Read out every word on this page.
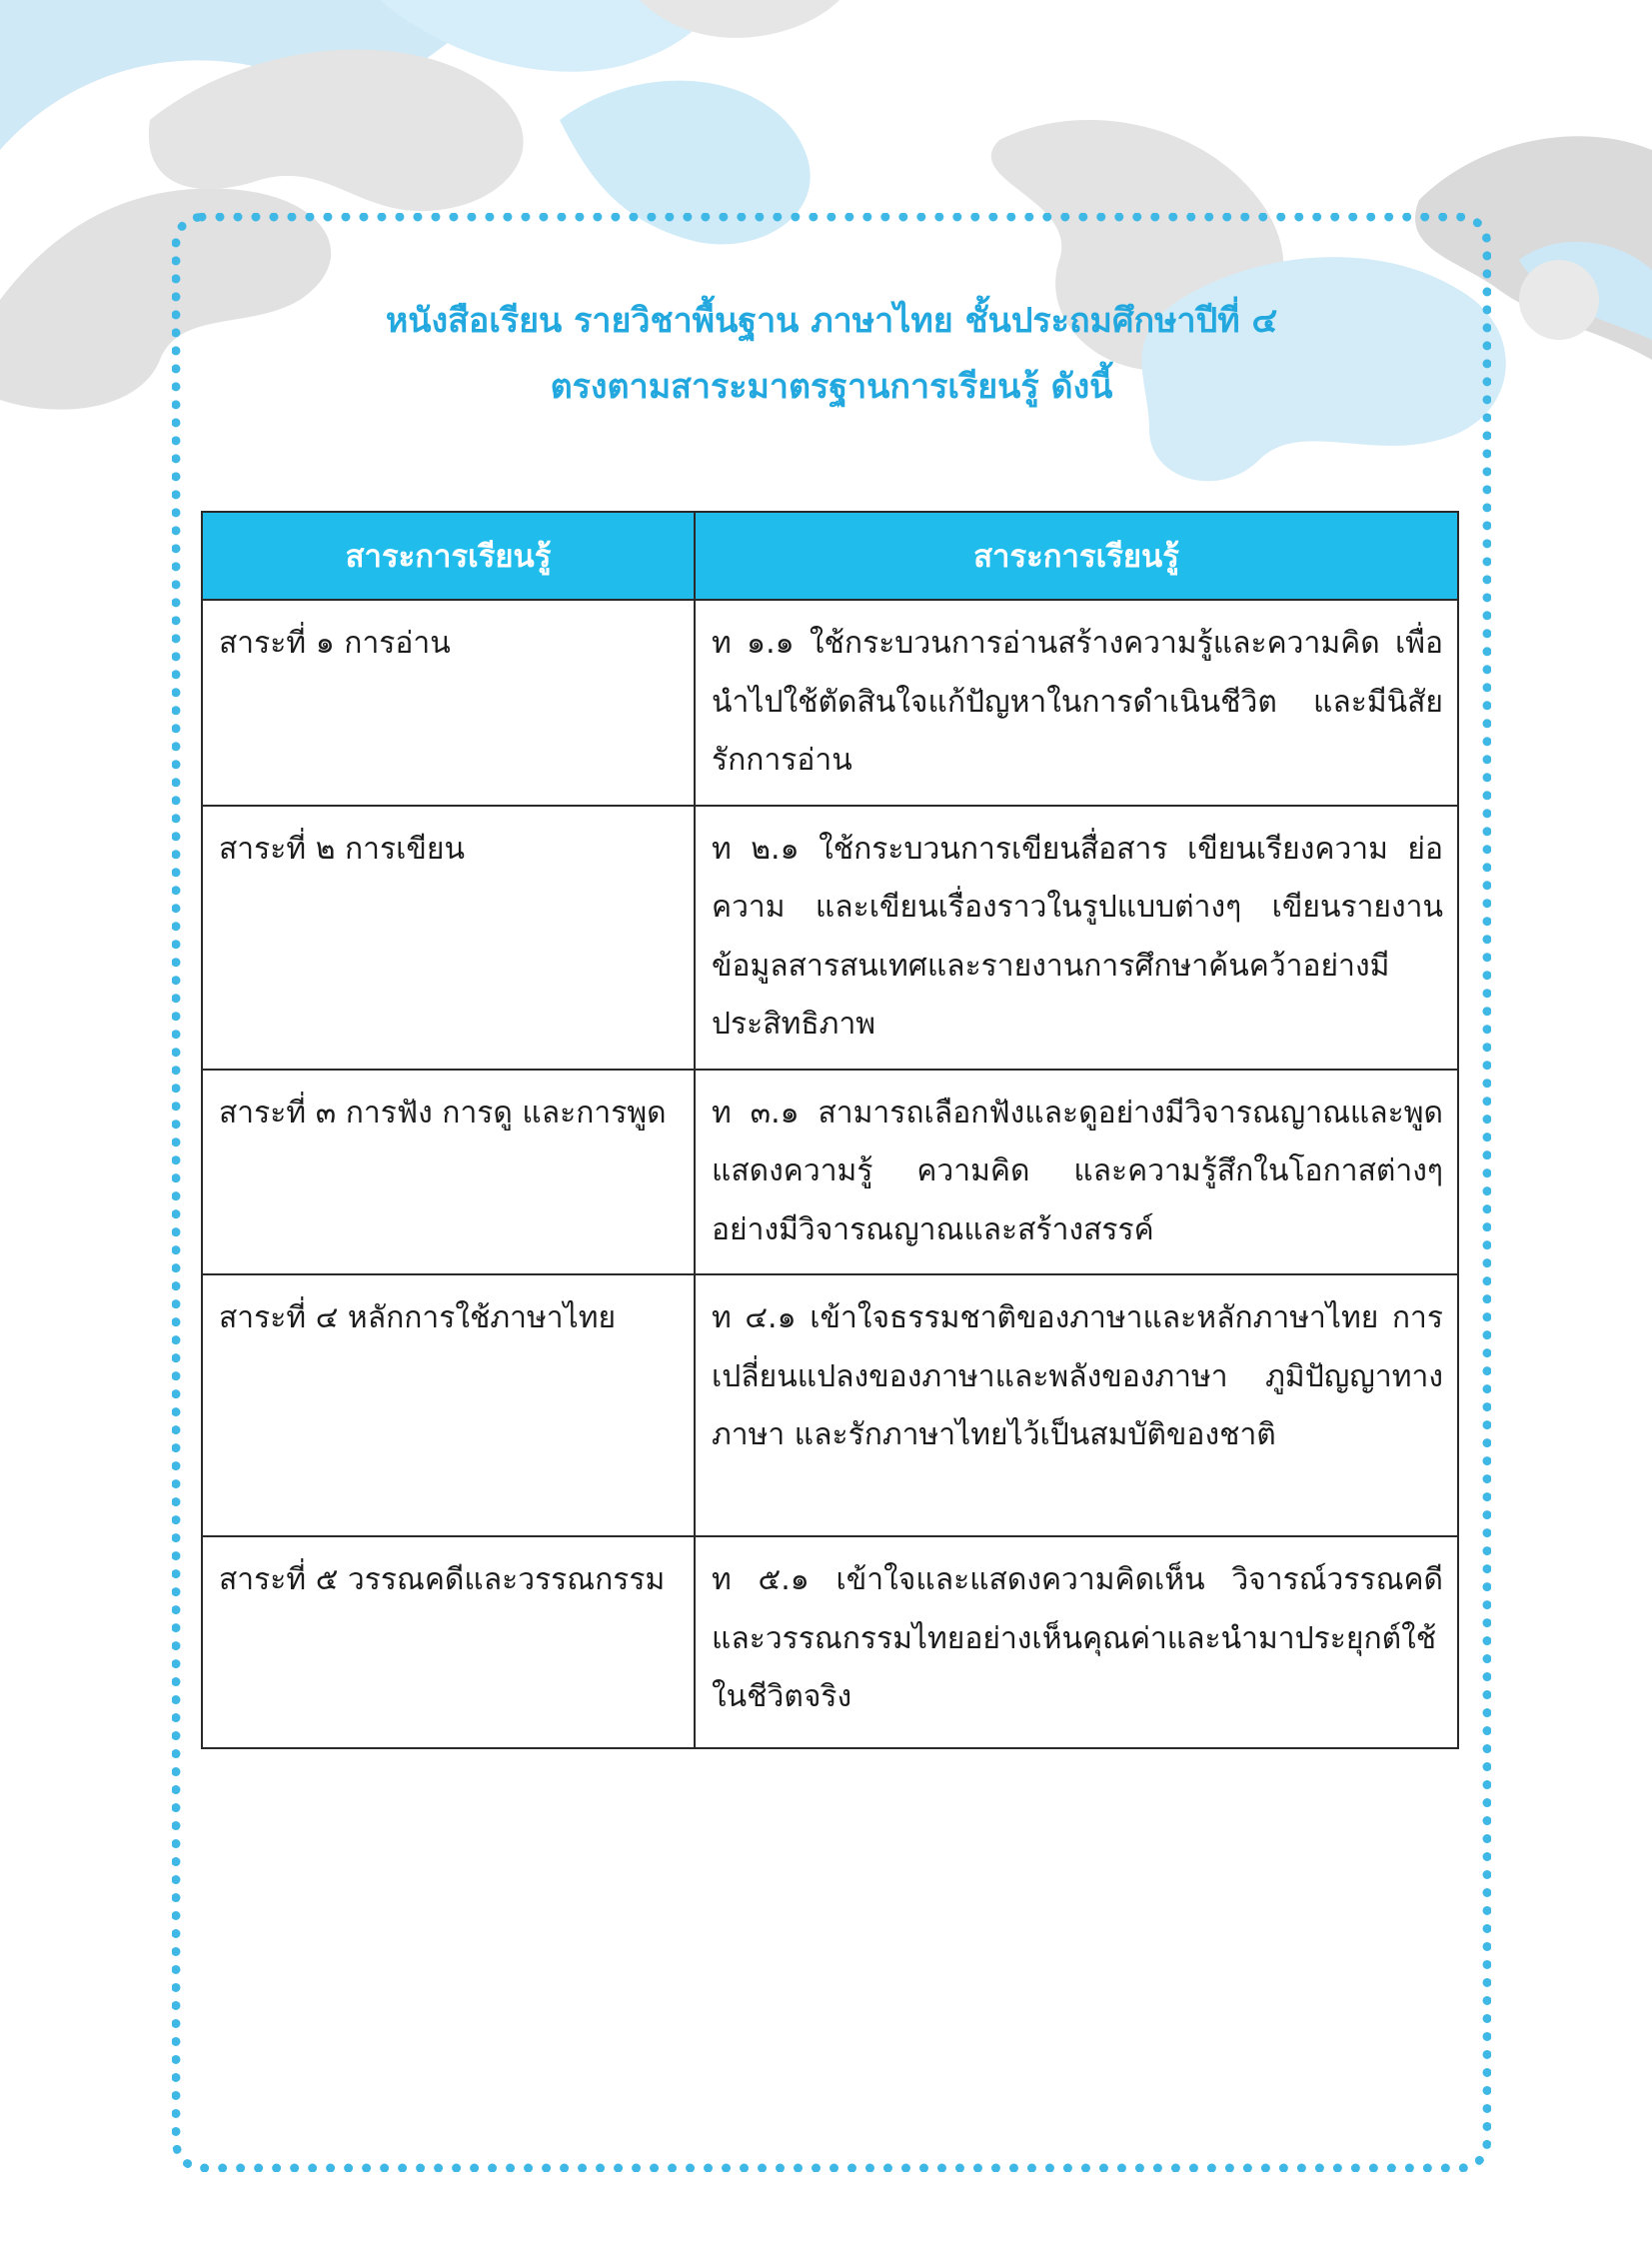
หนังสือเรียน รายวิชาพื้นฐาน ภาษาไทย ชั้นประถมศึกษาปีที่ ๔
ตรงตามสาระมาตรฐานการเรียนรู้ ดังนี้
สาระการเรียนรู้	สาระการเรียนรู้
สาระที่ ๑ การอ่าน	ท ๑.๑ ใช้กระบวนการอ่านสร้างความรู้และความคิด เพื่อนำไปใช้ตัดสินใจแก้ปัญหาในการดำเนินชีวิต และมีนิสัยรักการอ่าน
สาระที่ ๒ การเขียน	ท ๒.๑ ใช้กระบวนการเขียนสื่อสาร เขียนเรียงความ ย่อความ และเขียนเรื่องราวในรูปแบบต่างๆ เขียนรายงานข้อมูลสารสนเทศและรายงานการศึกษาค้นคว้าอย่างมีประสิทธิภาพ
สาระที่ ๓ การฟัง การดู และการพูด	ท ๓.๑ สามารถเลือกฟังและดูอย่างมีวิจารณญาณและพูดแสดงความรู้ ความคิด และความรู้สึกในโอกาสต่างๆ อย่างมีวิจารณญาณและสร้างสรรค์
สาระที่ ๔ หลักการใช้ภาษาไทย	ท ๔.๑ เข้าใจธรรมชาติของภาษาและหลักภาษาไทย การเปลี่ยนแปลงของภาษาและพลังของภาษา ภูมิปัญญาทางภาษา และรักภาษาไทยไว้เป็นสมบัติของชาติ
สาระที่ ๕ วรรณคดีและวรรณกรรม	ท ๕.๑ เข้าใจและแสดงความคิดเห็น วิจารณ์วรรณคดีและวรรณกรรมไทยอย่างเห็นคุณค่าและนำมาประยุกต์ใช้ในชีวิตจริง
